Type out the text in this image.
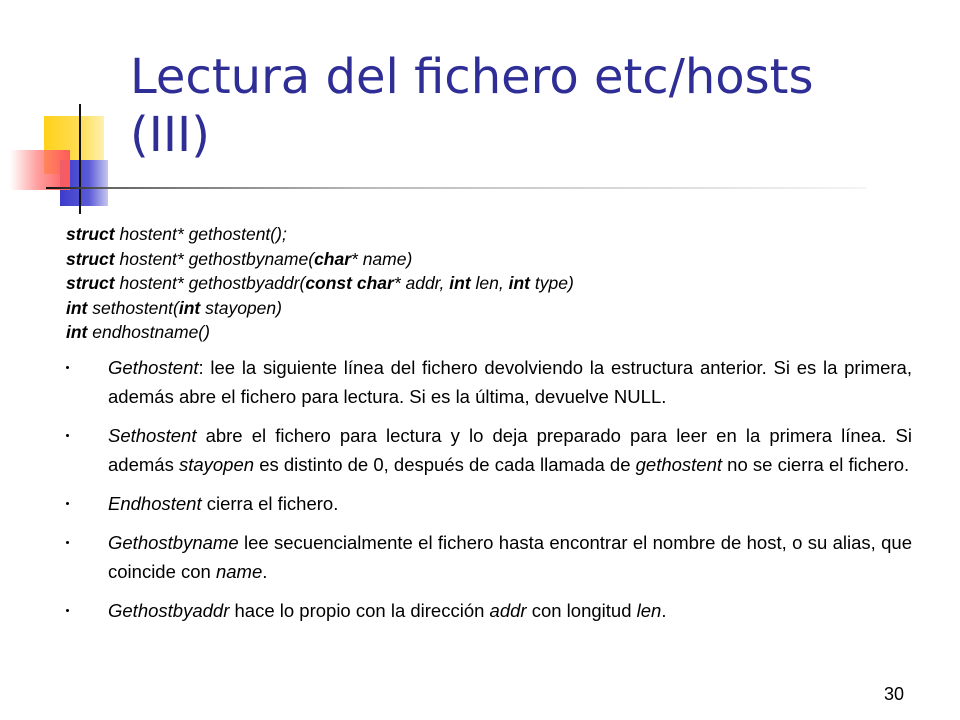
Lectura del fichero etc/hosts
(III)

struct hostent* gethostent();

struct hostent* gethostbyname(char* name)

struct hostent* gethostbyaddr(const char* addr, int len, int type)

int sethostent(int stayopen)

int endhostname()

Gethostent: lee la siguiente línea del fichero devolviendo la estructura anterior. Si es la primera, además abre el fichero para lectura. Si es la última, devuelve NULL.
Sethostent abre el fichero para lectura y lo deja preparado para leer en la primera línea. Si además stayopen es distinto de 0, después de cada llamada de gethostent no se cierra el fichero.
Endhostent cierra el fichero.
Gethostbyname lee secuencialmente el fichero hasta encontrar el nombre de host, o su alias, que coincide con name.
Gethostbyaddr hace lo propio con la dirección addr con longitud len.
30
